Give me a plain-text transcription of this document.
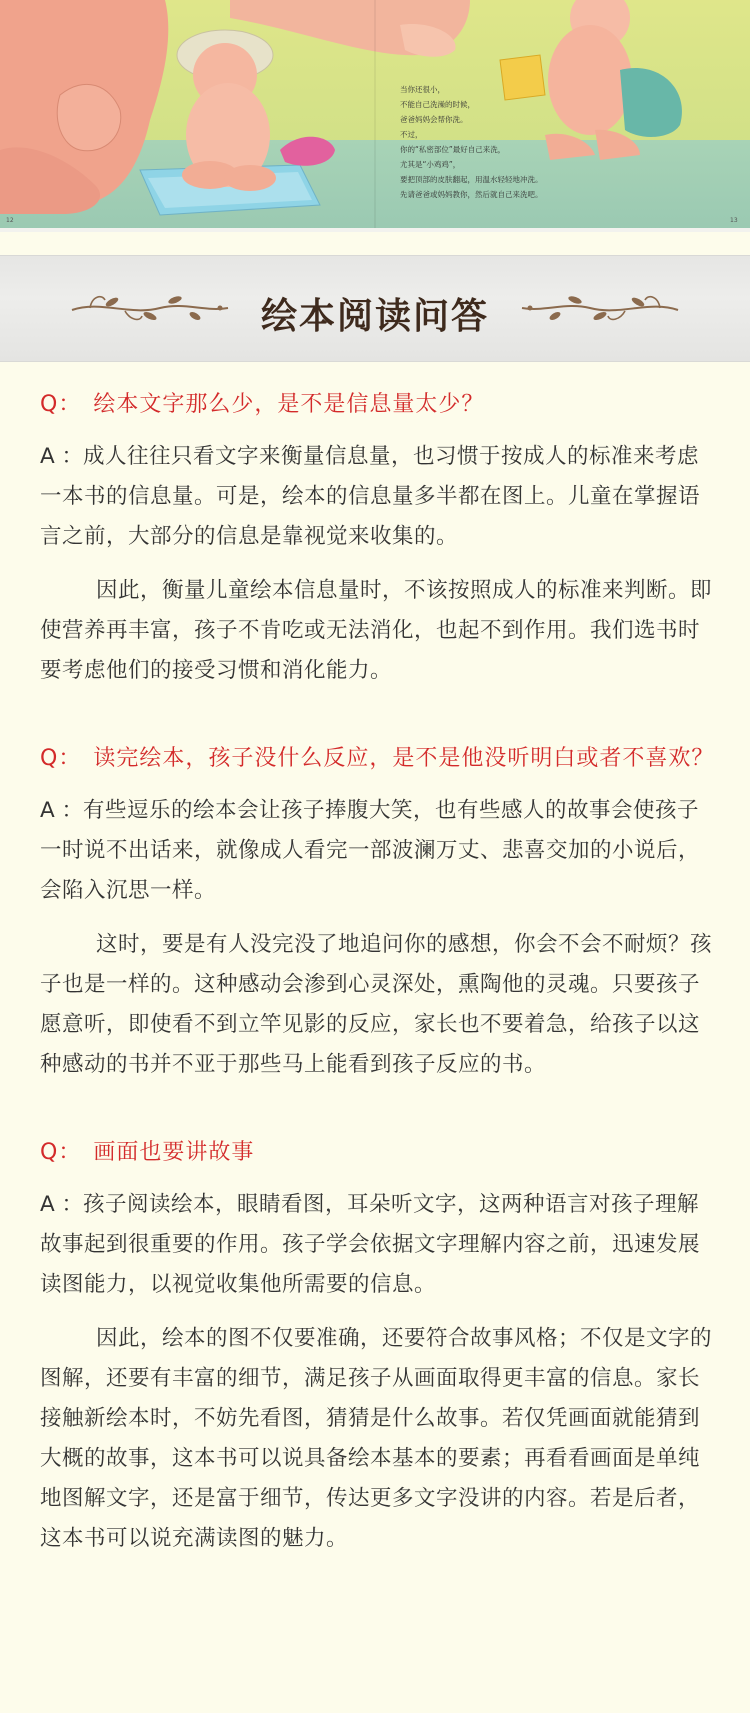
当你还很小，
不能自己洗澡的时候，
爸爸妈妈会帮你洗。
不过，
你的“私密部位”最好自己来洗，
尤其是“小鸡鸡”，
要把顶部的皮肤翻起，用温水轻轻地冲洗。
先请爸爸或妈妈教你，然后就自己来洗吧。
12	13
绘本阅读问答
Q： 绘本文字那么少，是不是信息量太少？
A ：成人往往只看文字来衡量信息量，也习惯于按成人的标准来考虑一本书的信息量。可是，绘本的信息量多半都在图上。儿童在掌握语言之前，大部分的信息是靠视觉来收集的。
因此，衡量儿童绘本信息量时，不该按照成人的标准来判断。即使营养再丰富，孩子不肯吃或无法消化，也起不到作用。我们选书时要考虑他们的接受习惯和消化能力。
Q： 读完绘本，孩子没什么反应，是不是他没听明白或者不喜欢？
A ：有些逗乐的绘本会让孩子捧腹大笑，也有些感人的故事会使孩子一时说不出话来，就像成人看完一部波澜万丈、悲喜交加的小说后，会陷入沉思一样。
这时，要是有人没完没了地追问你的感想，你会不会不耐烦？孩子也是一样的。这种感动会渗到心灵深处，熏陶他的灵魂。只要孩子愿意听，即使看不到立竿见影的反应，家长也不要着急，给孩子以这种感动的书并不亚于那些马上能看到孩子反应的书。
Q： 画面也要讲故事
A ：孩子阅读绘本，眼睛看图，耳朵听文字，这两种语言对孩子理解故事起到很重要的作用。孩子学会依据文字理解内容之前，迅速发展读图能力，以视觉收集他所需要的信息。
因此，绘本的图不仅要准确，还要符合故事风格；不仅是文字的图解，还要有丰富的细节，满足孩子从画面取得更丰富的信息。家长接触新绘本时，不妨先看图，猜猜是什么故事。若仅凭画面就能猜到大概的故事，这本书可以说具备绘本基本的要素；再看看画面是单纯地图解文字，还是富于细节，传达更多文字没讲的内容。若是后者，这本书可以说充满读图的魅力。
